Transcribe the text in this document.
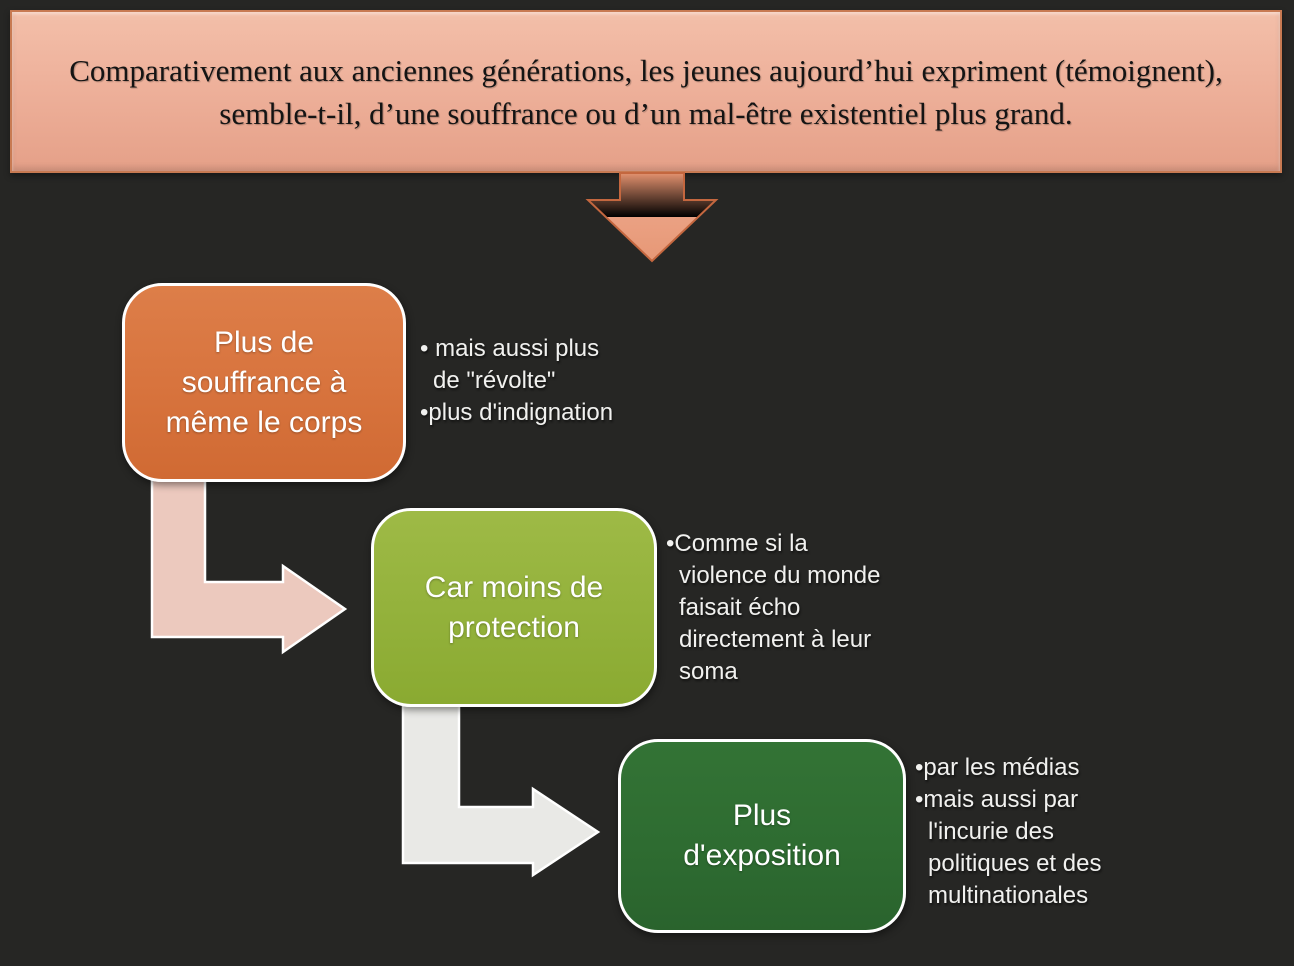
Comparativement aux anciennes générations, les jeunes aujourd’hui expriment (témoignent), semble-t-il, d’une souffrance ou d’un mal-être existentiel plus grand.
Plus de souffrance à même le corps
Car moins de protection
Plus d'exposition

• mais aussi plus de "révolte"

•plus d'indignation

•Comme si la violence du monde faisait écho directement à leur soma

•par les médias

•mais aussi par l'incurie des politiques et des multinationales
